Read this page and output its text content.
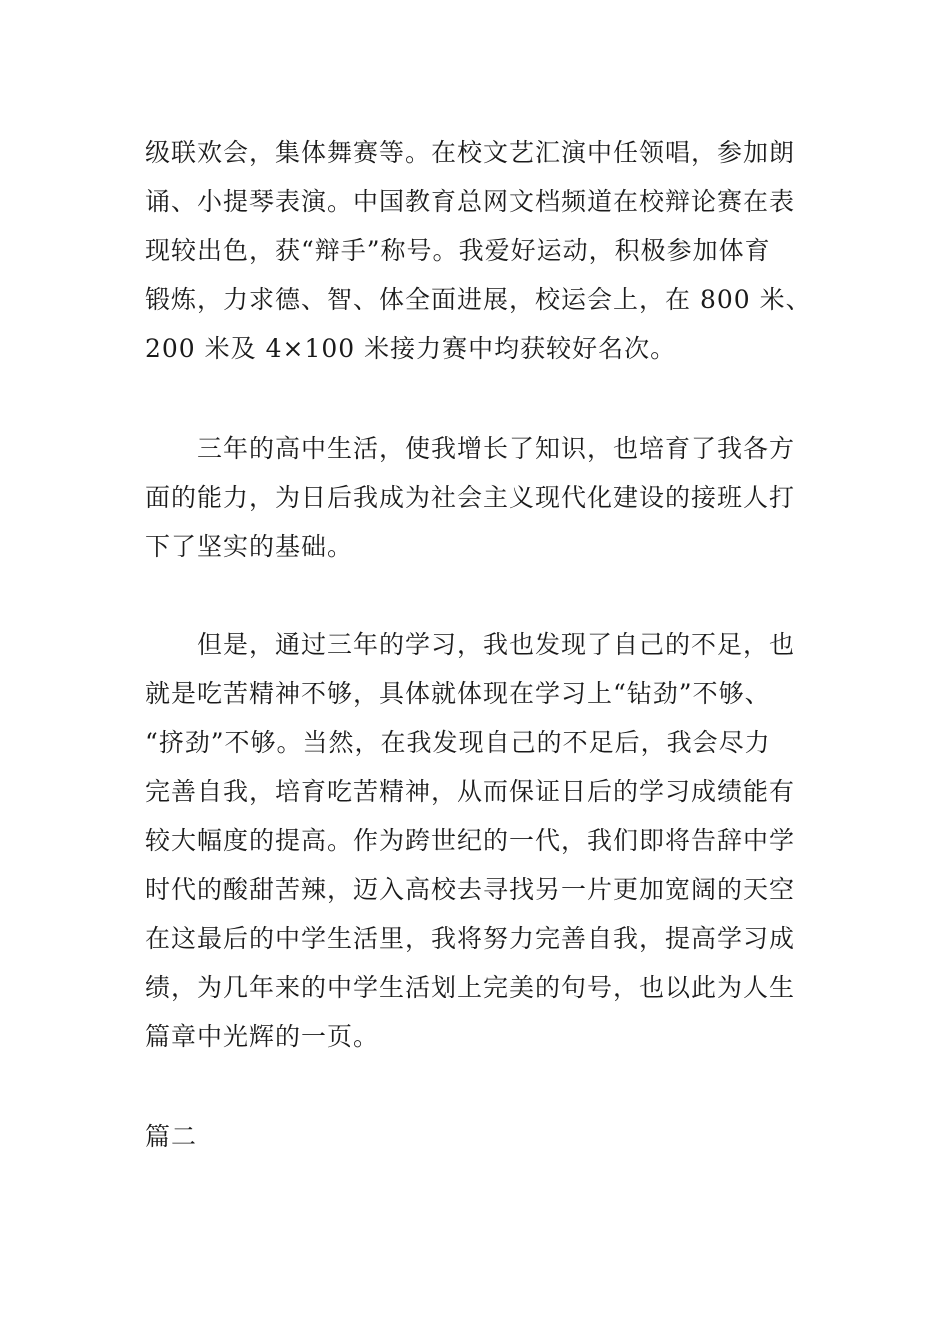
级联欢会，集体舞赛等。在校文艺汇演中任领唱，参加朗
诵、小提琴表演。中国教育总网文档频道在校辩论赛在表
现较出色，获“辩手”称号。我爱好运动，积极参加体育
锻炼，力求德、智、体全面进展，校运会上，在 800 米、
200 米及 4×100 米接力赛中均获较好名次。
三年的高中生活，使我增长了知识，也培育了我各方
面的能力，为日后我成为社会主义现代化建设的接班人打
下了坚实的基础。
但是，通过三年的学习，我也发现了自己的不足，也
就是吃苦精神不够，具体就体现在学习上“钻劲”不够、
“挤劲”不够。当然，在我发现自己的不足后，我会尽力
完善自我，培育吃苦精神，从而保证日后的学习成绩能有
较大幅度的提高。作为跨世纪的一代，我们即将告辞中学
时代的酸甜苦辣，迈入高校去寻找另一片更加宽阔的天空
在这最后的中学生活里，我将努力完善自我，提高学习成
绩，为几年来的中学生活划上完美的句号，也以此为人生
篇章中光辉的一页。
篇二
